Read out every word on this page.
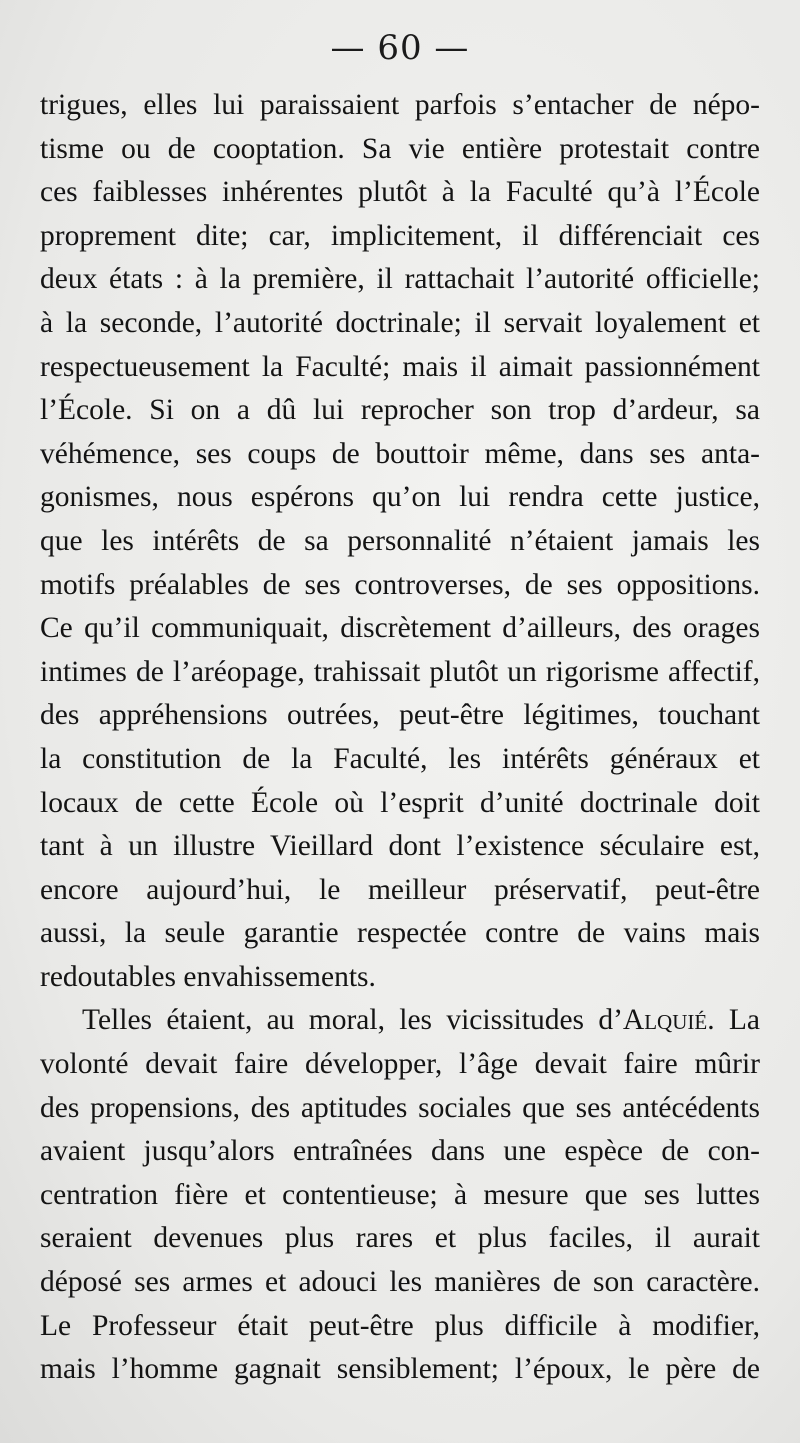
— 60 —
trigues, elles lui paraissaient parfois s’entacher de népo-
tisme ou de cooptation. Sa vie entière protestait contre
ces faiblesses inhérentes plutôt à la Faculté qu’à l’École
proprement dite; car, implicitement, il différenciait ces
deux états : à la première, il rattachait l’autorité officielle;
à la seconde, l’autorité doctrinale; il servait loyalement et
respectueusement la Faculté; mais il aimait passionnément
l’École. Si on a dû lui reprocher son trop d’ardeur, sa
véhémence, ses coups de bouttoir même, dans ses anta-
gonismes, nous espérons qu’on lui rendra cette justice,
que les intérêts de sa personnalité n’étaient jamais les
motifs préalables de ses controverses, de ses oppositions.
Ce qu’il communiquait, discrètement d’ailleurs, des orages
intimes de l’aréopage, trahissait plutôt un rigorisme affectif,
des appréhensions outrées, peut-être légitimes, touchant
la constitution de la Faculté, les intérêts généraux et
locaux de cette École où l’esprit d’unité doctrinale doit
tant à un illustre Vieillard dont l’existence séculaire est,
encore aujourd’hui, le meilleur préservatif, peut-être
aussi, la seule garantie respectée contre de vains mais
redoutables envahissements.
Telles étaient, au moral, les vicissitudes d’Alquié. La
volonté devait faire développer, l’âge devait faire mûrir
des propensions, des aptitudes sociales que ses antécédents
avaient jusqu’alors entraînées dans une espèce de con-
centration fière et contentieuse; à mesure que ses luttes
seraient devenues plus rares et plus faciles, il aurait
déposé ses armes et adouci les manières de son caractère.
Le Professeur était peut-être plus difficile à modifier,
mais l’homme gagnait sensiblement; l’époux, le père de
